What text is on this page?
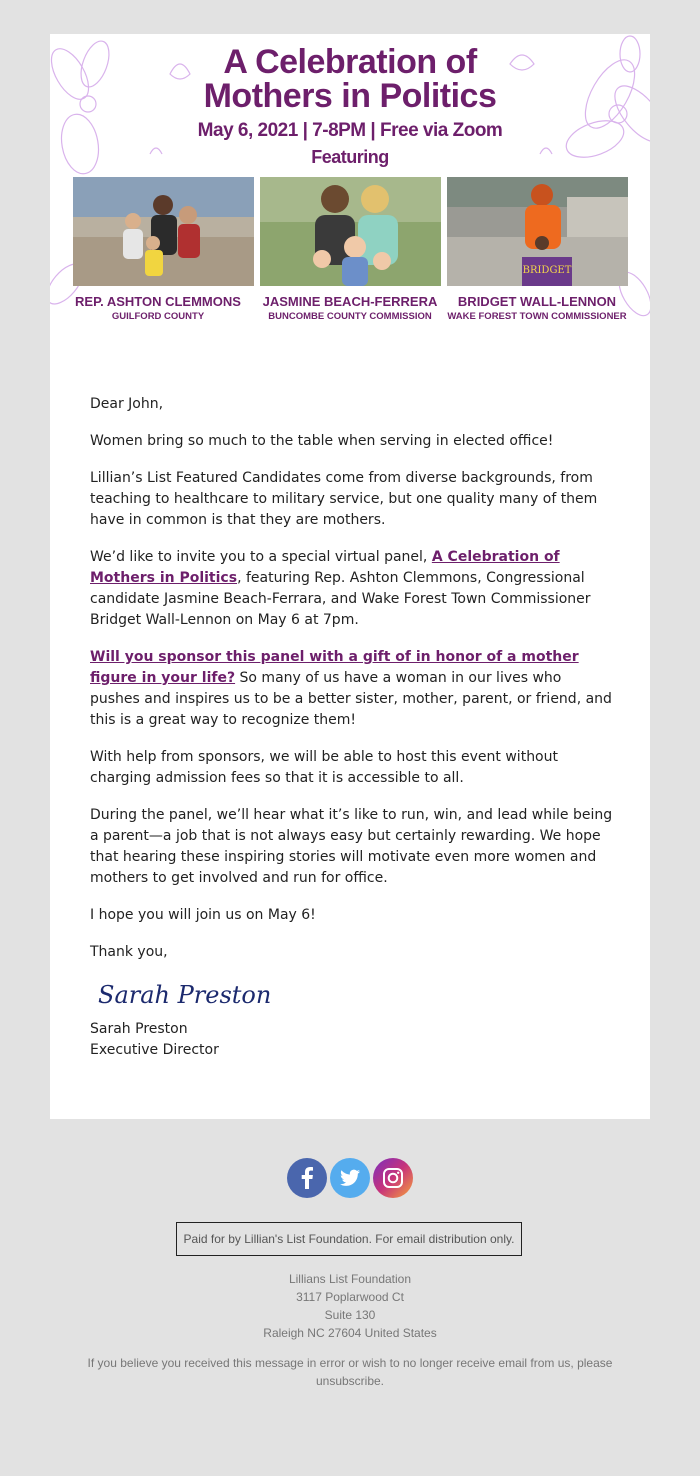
A Celebration of
Mothers in Politics
May 6, 2021 | 7-8PM | Free via Zoom
Featuring
BRIDGET
REP. ASHTON CLEMMONS
GUILFORD COUNTY
JASMINE BEACH-FERRERA
BUNCOMBE COUNTY COMMISSION
BRIDGET WALL-LENNON
WAKE FOREST TOWN COMMISSIONER

Dear John,

Women bring so much to the table when serving in elected office!

Lillian’s List Featured Candidates come from diverse backgrounds, from teaching to healthcare to military service, but one quality many of them have in common is that they are mothers.

We’d like to invite you to a special virtual panel, A Celebration of Mothers in Politics, featuring Rep. Ashton Clemmons, Congressional candidate Jasmine Beach-Ferrara, and Wake Forest Town Commissioner Bridget Wall-Lennon on May 6 at 7pm.

Will you sponsor this panel with a gift of in honor of a mother figure in your life? So many of us have a woman in our lives who pushes and inspires us to be a better sister, mother, parent, or friend, and this is a great way to recognize them!

With help from sponsors, we will be able to host this event without charging admission fees so that it is accessible to all.

During the panel, we’ll hear what it’s like to run, win, and lead while being a parent—a job that is not always easy but certainly rewarding. We hope that hearing these inspiring stories will motivate even more women and mothers to get involved and run for office.

I hope you will join us on May 6!

Thank you,

Sarah Preston
Sarah Preston
Executive Director
Paid for by Lillian's List Foundation. For email distribution only.
Lillians List Foundation
3117 Poplarwood Ct
Suite 130
Raleigh NC 27604 United States
If you believe you received this message in error or wish to no longer receive email from us, please unsubscribe.
